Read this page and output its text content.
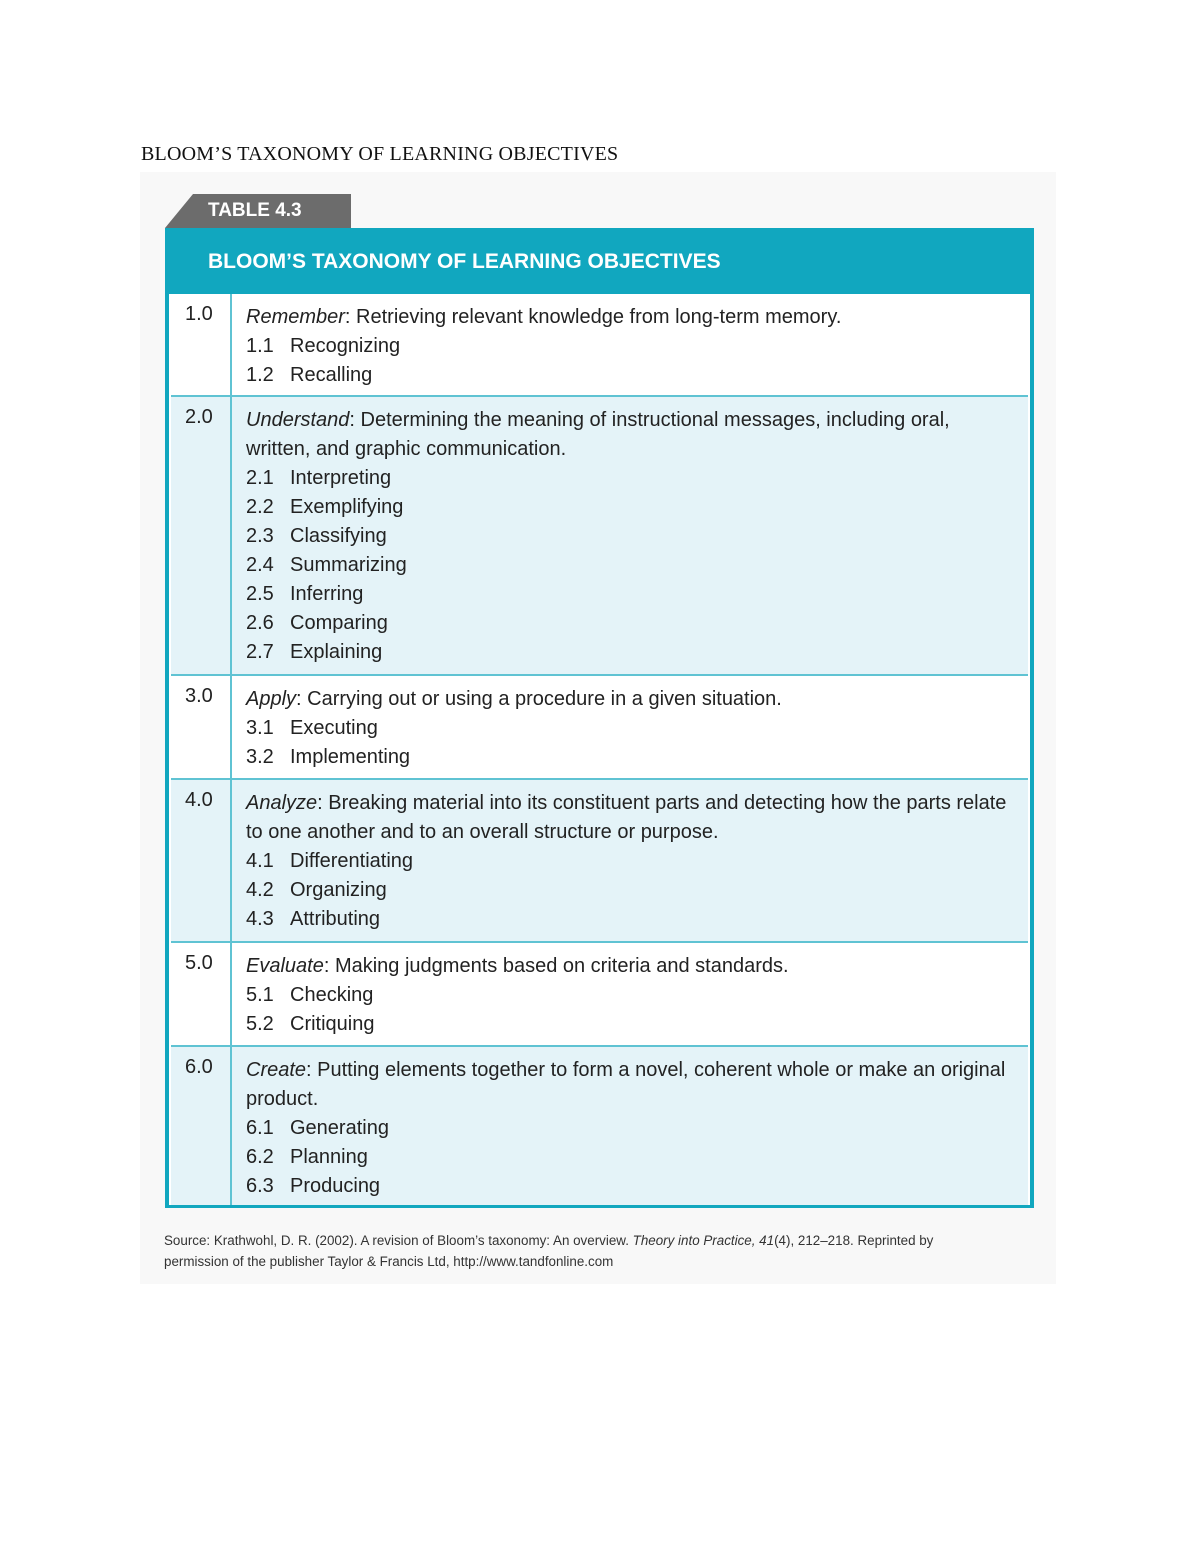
BLOOM’S TAXONOMY OF LEARNING OBJECTIVES
TABLE 4.3
BLOOM’S TAXONOMY OF LEARNING OBJECTIVES
1.0	Remember: Retrieving relevant knowledge from long-term memory.
1.1 Recognizing
1.2 Recalling
2.0	Understand: Determining the meaning of instructional messages, including oral, written, and graphic communication.
2.1 Interpreting
2.2 Exemplifying
2.3 Classifying
2.4 Summarizing
2.5 Inferring
2.6 Comparing
2.7 Explaining
3.0	Apply: Carrying out or using a procedure in a given situation.
3.1 Executing
3.2 Implementing
4.0	Analyze: Breaking material into its constituent parts and detecting how the parts relate to one another and to an overall structure or purpose.
4.1 Differentiating
4.2 Organizing
4.3 Attributing
5.0	Evaluate: Making judgments based on criteria and standards.
5.1 Checking
5.2 Critiquing
6.0	Create: Putting elements together to form a novel, coherent whole or make an original product.
6.1 Generating
6.2 Planning
6.3 Producing
Source: Krathwohl, D. R. (2002). A revision of Bloom’s taxonomy: An overview. Theory into Practice, 41(4), 212–218. Reprinted by permission of the publisher Taylor & Francis Ltd, http://www.tandfonline.com
